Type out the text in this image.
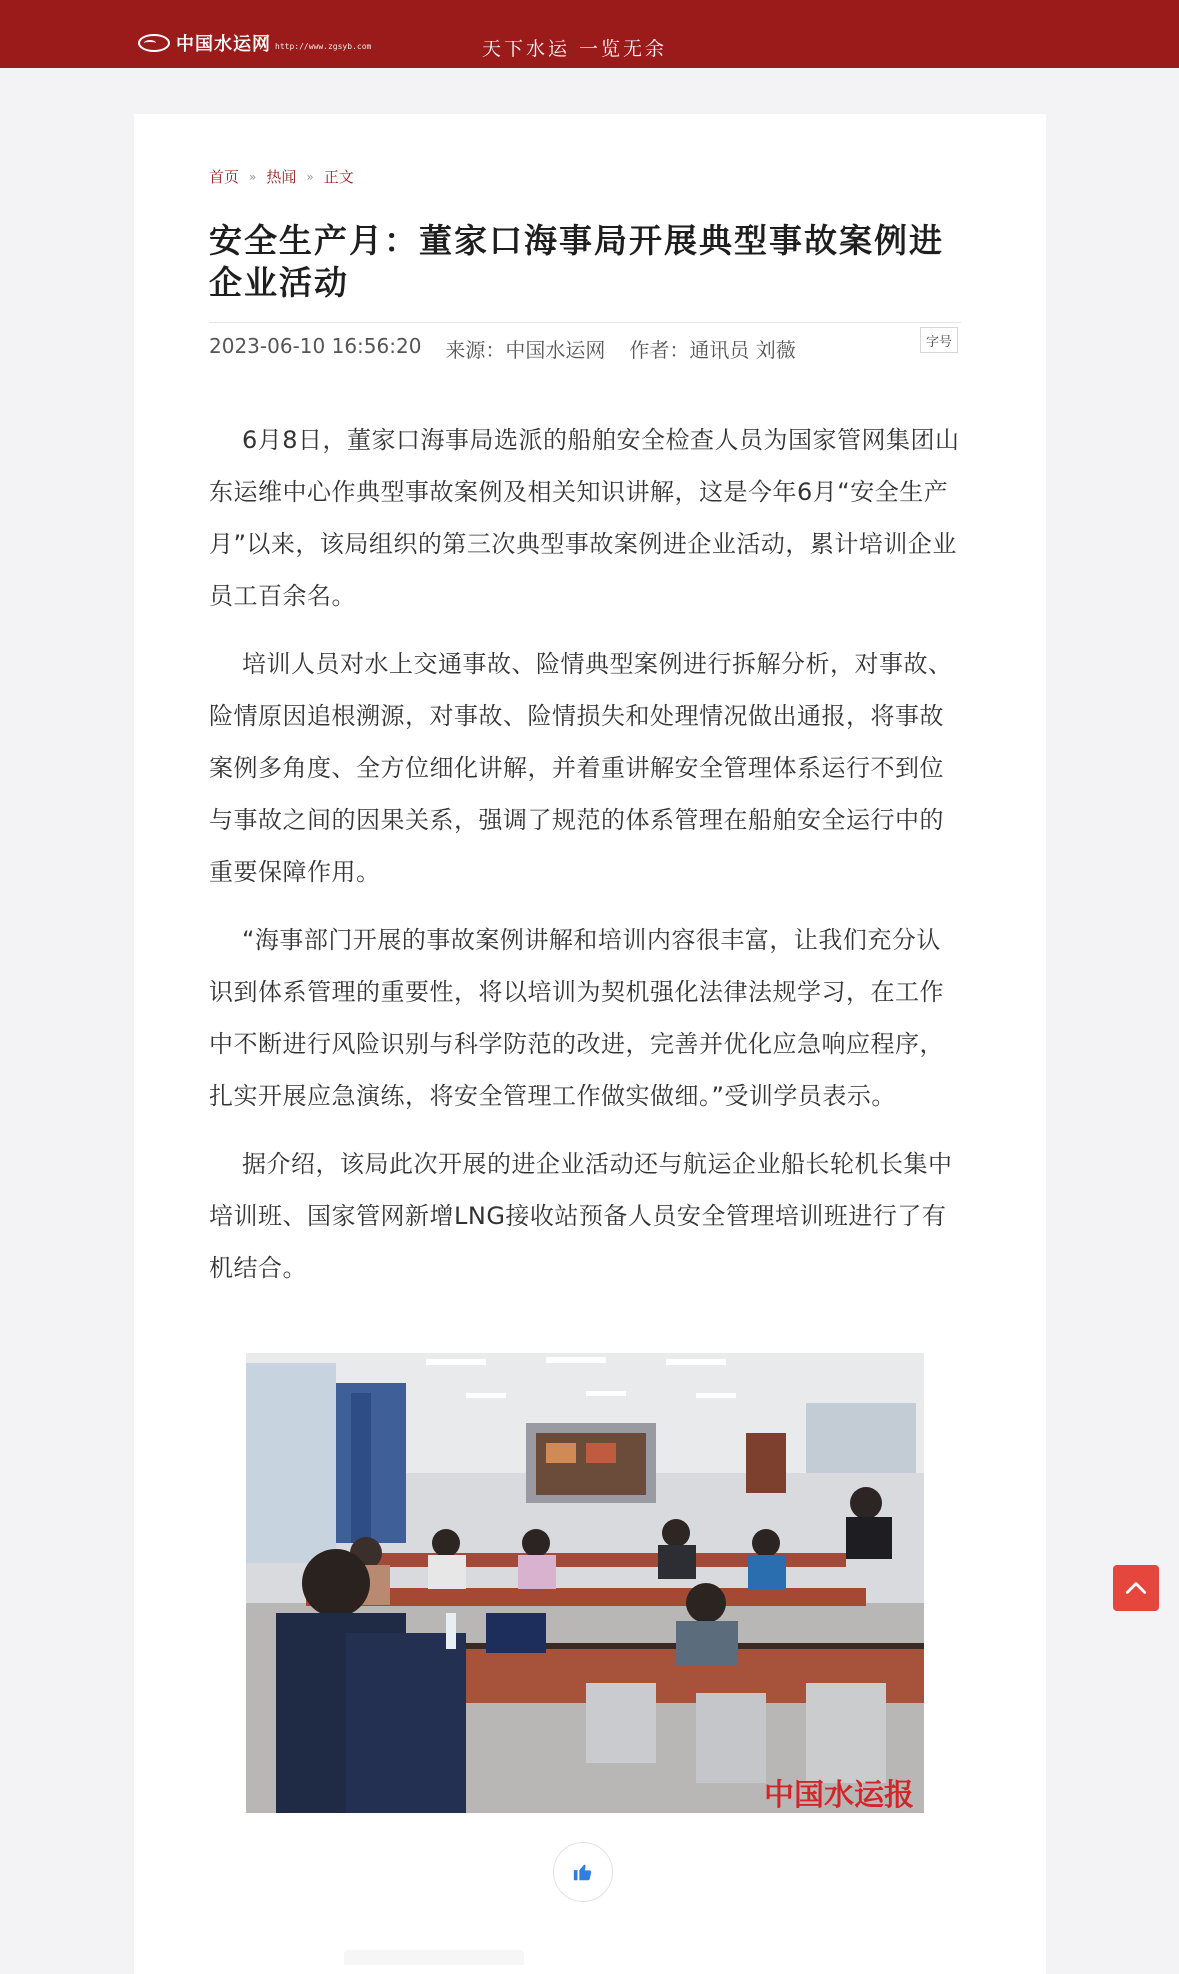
中国水运网 http://www.zgsyb.com	天下水运 一览无余
首页 » 热闻 » 正文
安全生产月：董家口海事局开展典型事故案例进企业活动
2023-06-10 16:56:20 来源：中国水运网 作者：通讯员 刘薇	字号

6月8日，董家口海事局选派的船舶安全检查人员为国家管网集团山东运维中心作典型事故案例及相关知识讲解，这是今年6月“安全生产月”以来，该局组织的第三次典型事故案例进企业活动，累计培训企业员工百余名。

培训人员对水上交通事故、险情典型案例进行拆解分析，对事故、险情原因追根溯源，对事故、险情损失和处理情况做出通报，将事故案例多角度、全方位细化讲解，并着重讲解安全管理体系运行不到位与事故之间的因果关系，强调了规范的体系管理在船舶安全运行中的重要保障作用。

“海事部门开展的事故案例讲解和培训内容很丰富，让我们充分认识到体系管理的重要性，将以培训为契机强化法律法规学习，在工作中不断进行风险识别与科学防范的改进，完善并优化应急响应程序，扎实开展应急演练，将安全管理工作做实做细。”受训学员表示。

据介绍，该局此次开展的进企业活动还与航运企业船长轮机长集中培训班、国家管网新增LNG接收站预备人员安全管理培训班进行了有机结合。

中国水运报
